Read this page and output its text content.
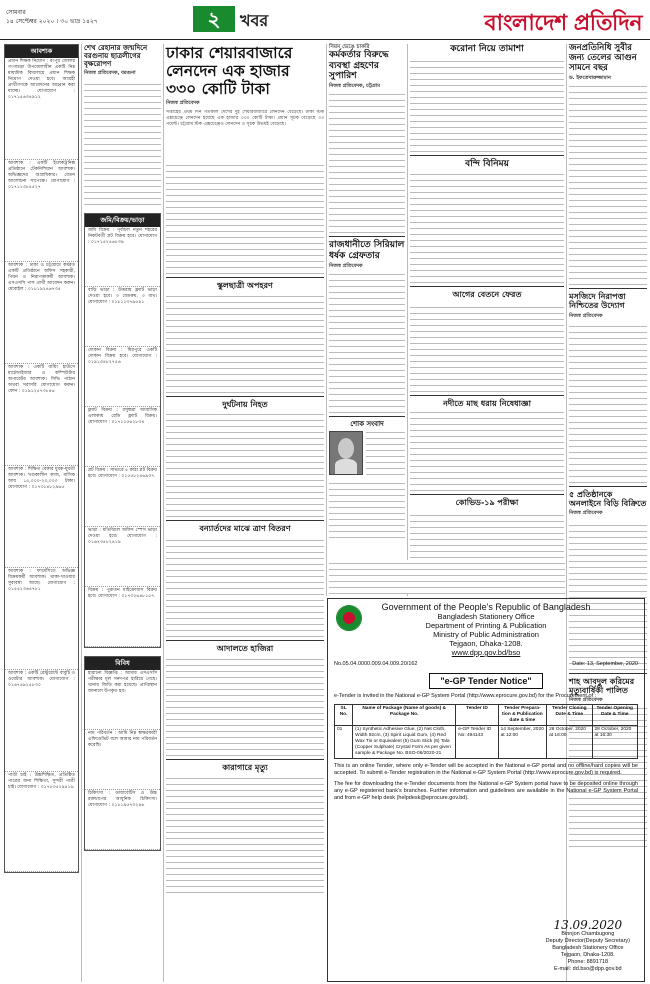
সোমবার
১৪ সেপ্টেম্বর ২০২০ । ৩০ ভাদ্র ১৪২৭	২	খবর	বাংলাদেশ প্রতিদিন
আবশ্যক
প্রধান শিক্ষক নিয়োগ : রংপুর জেলার গংগাচড়া উপজেলাধীন একটি নিম্ন মাধ্যমিক বিদ্যালয়ে প্রধান শিক্ষক নিয়োগ দেওয়া হবে। আগ্রহী প্রার্থীগণকে আবেদনের আহ্বান করা যাচ্ছে। যোগাযোগ : ০১৭১৫৬৩৪৯১২
আবশ্যক : একটি ইলেকট্রনিক্স প্রতিষ্ঠানে টেকনিশিয়ান আবশ্যক। অভিজ্ঞদের অগ্রাধিকার। বেতন আলোচনা সাপেক্ষে। যোগাযোগ : ০১৭১১৩৮৪৫২৭
আবশ্যক : ঢাকা ও চট্টগ্রামে কর্মরত একটি প্রতিষ্ঠানে অফিস সহকারী, পিয়ন ও নিরাপত্তাকর্মী আবশ্যক। এসএসসি পাস প্রার্থী আবেদন করুন। মোবাইল : ০১৮১৯২৪৬৭৩৫
আবশ্যক : একটি বায়িং হাউসে মার্চেন্ডাইজার ও কম্পিউটার অপারেটর আবশ্যক। সিভি পাঠান অথবা সরাসরি যোগাযোগ করুন। ফোন : ০১৯১২৫৭৩৮৪৬
আবশ্যক : শিক্ষিত বেকার যুবক-যুবতী আবশ্যক। খণ্ডকালীন কাজ, মাসিক আয় ১৫,০০০-২০,০০০ টাকা। যোগাযোগ : ০১৭৩১৪৮২৯৬৫
আবশ্যক : ফার্মেসিতে অভিজ্ঞ বিক্রয়কর্মী আবশ্যক। থাকা-খাওয়ার সুব্যবস্থা আছে। যোগাযোগ : ০১৫৫২৩৬৪৭৮১
আবশ্যক : একটি রেস্টুরেন্টে বাবুর্চি ও ওয়েটার আবশ্যক। যোগাযোগ : ০১৬৭৪৯২৫৮৩০
পাত্রী চাই : উচ্চশিক্ষিত, প্রতিষ্ঠিত পাত্রের জন্য শিক্ষিতা, সুন্দরী পাত্রী চাই। যোগাযোগ : ০১৭৮৩৫২৯৪১৬
শেখ রেহানার জন্মদিনে বরগুনায় ছাত্রলীগের বৃক্ষরোপণ
নিজস্ব প্রতিবেদক, বরগুনা
জমি/বিক্রয়/ভাড়া
জমি বিক্রয় : পূর্বাচল নতুন শহরের নিকটবর্তী প্লট বিক্রয় হবে। যোগাযোগ : ০১৭১৫২৪৬৮৩৯
বাড়ি ভাড়া : উত্তরায় ফ্ল্যাট ভাড়া দেওয়া হবে। ৩ বেডরুম, ৩ বাথ। যোগাযোগ : ০১৮১২৩৭৬৫৪১
দোকান বিক্রয় : মিরপুরে একটি দোকান বিক্রয় হবে। যোগাযোগ : ০১৯১৩৪৮২৭৫৬
ফ্ল্যাট বিক্রয় : বসুন্ধরা আবাসিক এলাকায় রেডি ফ্ল্যাট বিক্রয়। যোগাযোগ : ০১৭১১৫৬২৮৩৪
প্লট বিক্রয় : সাভারে ৫ কাঠা প্লট বিক্রয় হবে। যোগাযোগ : ০১৫৫৮২৪৬৯৩৭
ভাড়া : মতিঝিলে অফিস স্পেস ভাড়া দেওয়া হবে। যোগাযোগ : ০১৬৭৩৫৮২৪১৯
বিক্রয় : পুরাতন মাইক্রোবাস বিক্রয় হবে। যোগাযোগ : ০১৭৩২৬৪৮১৫৭
বিবিধ
হারানো বিজ্ঞপ্তি : আমার এসএসসি পরীক্ষার মূল সনদপত্র হারিয়ে গেছে। থানায় জিডি করা হয়েছে। প্রাপ্তিস্থান জানালে উপকৃত হব।
নাম পরিবর্তন : আমি নিম্ন স্বাক্ষরকারী এফিডেভিট বলে আমার নাম পরিবর্তন করেছি।
চিকিৎসা : ডায়াবেটিস ও উচ্চ রক্তচাপের আধুনিক চিকিৎসা। যোগাযোগ : ০১৮১৯৫৭৩২৪৬
ঢাকার শেয়ারবাজারে লেনদেন এক হাজার ৩৩০ কোটি টাকা
নিজস্ব প্রতিবেদক
সপ্তাহের প্রথম দিন গতকাল দেশের দুই শেয়ারবাজারে লেনদেন বেড়েছে। ঢাকা স্টক এক্সচেঞ্জে লেনদেন হয়েছে এক হাজার ৩৩০ কোটি টাকা। প্রধান সূচক বেড়েছে ৩৩ পয়েন্ট। চট্টগ্রাম স্টক এক্সচেঞ্জেও লেনদেন ও সূচক উভয়ই বেড়েছে।
স্কুলছাত্রী অপহরণ
দুর্ঘটনায় নিহত
বন্যার্তদের মাঝে ত্রাণ বিতরণ
আদালতে হাজিরা
কারাগারে মৃত্যু
নিয়ম ভেঙে চাকরি
কর্মকর্তার বিরুদ্ধে ব্যবস্থা গ্রহণের সুপারিশ
নিজস্ব প্রতিবেদক, চট্টগ্রাম
রাজধানীতে সিরিয়াল ধর্ষক গ্রেফতার
নিজস্ব প্রতিবেদক
শোক সংবাদ
করোনা নিয়ে তামাশা
বন্দি বিনিময়
আগের বেতনে ফেরত
নদীতে মাছ ধরায় নিষেধাজ্ঞা
কোভিড-১৯ পরীক্ষা
জনপ্রতিনিধি সুবীর জন্য তেলের আগুন সামনে বছর
ড. ইফতেখারুজ্জামান
মসজিদে নিরাপত্তা নিশ্চিতের উদ্যোগ
নিজস্ব প্রতিবেদক
৫ প্রতিষ্ঠানকে অনলাইনে বিড়ি বিক্রিতে
নিজস্ব প্রতিবেদক
শাহ আবদুল করিমের মৃত্যুবার্ষিকী পালিত
নিজস্ব প্রতিবেদক
Government of the People's Republic of Bangladesh
Bangladesh Stationery Office
Department of Printing & Publication
Ministry of Public Administration
Tejgaon, Dhaka-1208.
www.dpp.gov.bd/bso
No.05.04.0000.009.04.009.20/162	Date: 13, September, 2020
"e-GP Tender Notice"
e-Tender is invited in the National e-GP System Portal (http://www.eprocure.gov.bd) for the Procurement of :
SL No.	Name of Package (Name of goods) & Package No.	Tender ID	Tender Prepara-tion & Publication date & time	Tender Closing Date & Time	Tender Opening Date & Time
01	(1) Synthetic Adhesive Glue, (2) Net Cloth, Width 92cm, (3) Spirit Liquid Gum, (4) Red Wax Tin or Equivalent (5) Gum Stick (6) Tala (Copper Sulphate) Crystal Form As per given sample & Package No. BSO-06/2020-21	e-GP Tender ID No: 494143	14 September, 2020 at 12:00	28 October, 2020 at 16:00	28 October, 2020 at 16:30
This is an online Tender, where only e-Tender will be accepted in the National e-GP portal and no offline/hard copies will be accepted. To submit e-Tender registration in the National e-GP System Portal (http://www.eprocure.gov.bd) is required.
The fee for downloading the e-Tender documents from the National e-GP System portal have to be deposited online through any e-GP registered bank's branches. Further information and guidelines are available in the National e-GP System Portal and from e-GP help desk (helpdesk@eprocure.gov.bd).
13.09.2020
Binnjon Chambugong
Deputy Director(Deputy Secretary)
Bangladesh Stationery Office
Tejgaon, Dhaka-1208.
Phone: 8891718
E-mail: dd.bso@dpp.gov.bd
